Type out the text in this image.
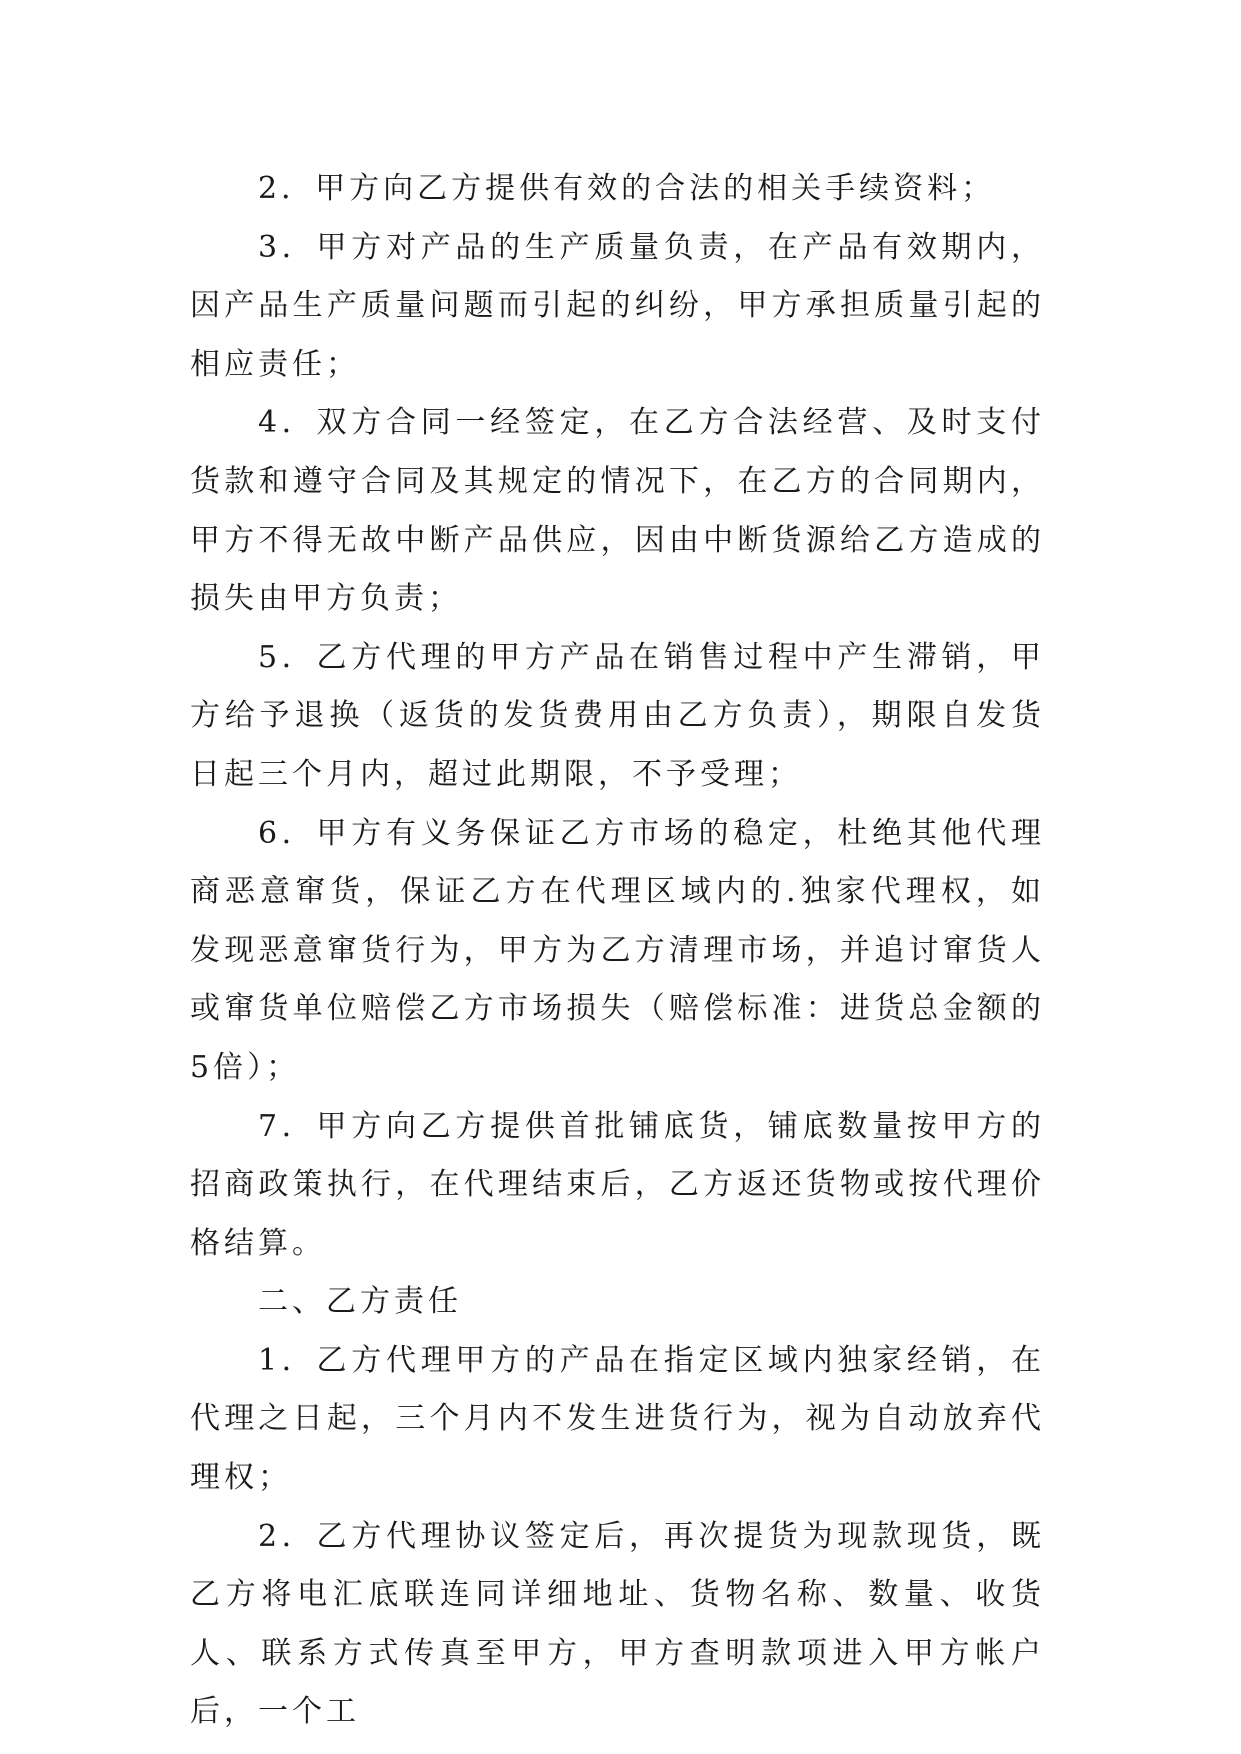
2．甲方向乙方提供有效的合法的相关手续资料；

3．甲方对产品的生产质量负责，在产品有效期内，因产品生产质量问题而引起的纠纷，甲方承担质量引起的相应责任；

4．双方合同一经签定，在乙方合法经营、及时支付货款和遵守合同及其规定的情况下，在乙方的合同期内，甲方不得无故中断产品供应，因由中断货源给乙方造成的损失由甲方负责；

5．乙方代理的甲方产品在销售过程中产生滞销，甲方给予退换（返货的发货费用由乙方负责），期限自发货日起三个月内，超过此期限，不予受理；

6．甲方有义务保证乙方市场的稳定，杜绝其他代理商恶意窜货，保证乙方在代理区域内的.独家代理权，如发现恶意窜货行为，甲方为乙方清理市场，并追讨窜货人或窜货单位赔偿乙方市场损失（赔偿标准：进货总金额的5倍）；

7．甲方向乙方提供首批铺底货，铺底数量按甲方的招商政策执行，在代理结束后，乙方返还货物或按代理价格结算。

二、乙方责任

1．乙方代理甲方的产品在指定区域内独家经销，在代理之日起，三个月内不发生进货行为，视为自动放弃代理权；

2．乙方代理协议签定后，再次提货为现款现货，既乙方将电汇底联连同详细地址、货物名称、数量、收货人、联系方式传真至甲方，甲方查明款项进入甲方帐户后，一个工
